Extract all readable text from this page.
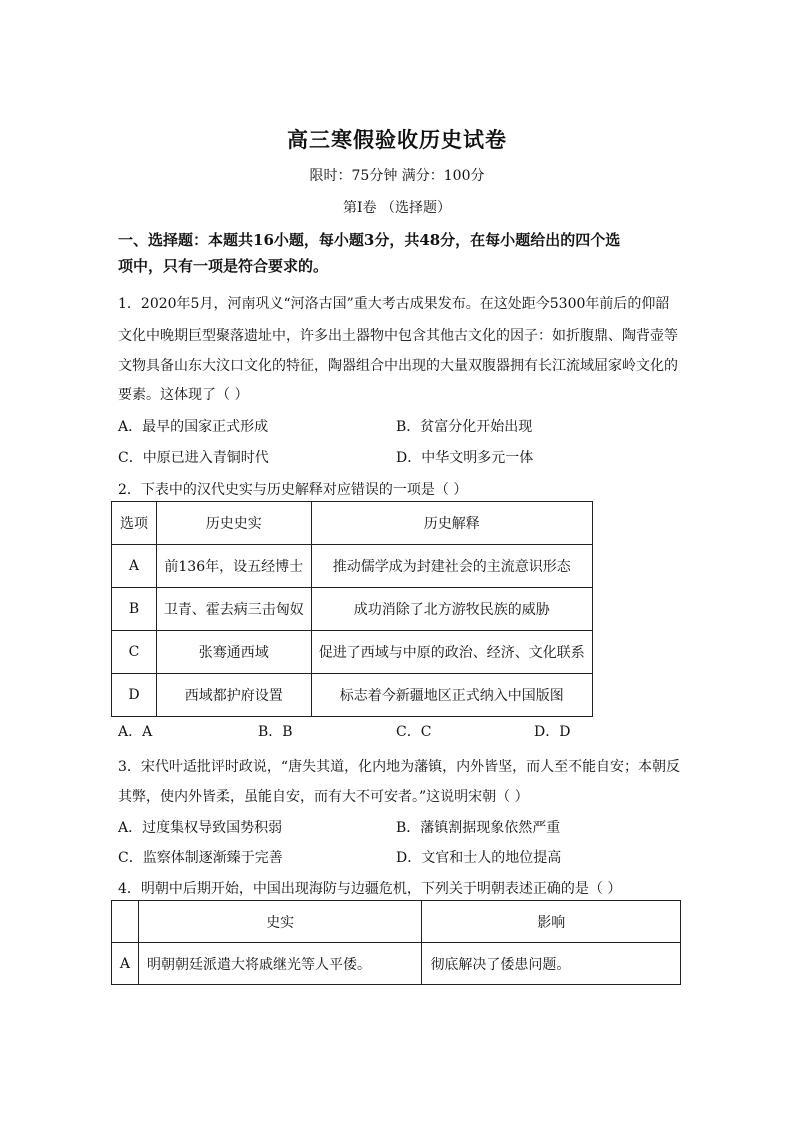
高三寒假验收历史试卷
限时：75分钟 满分：100分
第I卷 （选择题）
一、选择题：本题共16小题，每小题3分，共48分，在每小题给出的四个选
项中，只有一项是符合要求的。
1．2020年5月，河南巩义“河洛古国”重大考古成果发布。在这处距今5300年前后的仰韶
文化中晚期巨型聚落遗址中，许多出土器物中包含其他古文化的因子：如折腹鼎、陶背壶等
文物具备山东大汶口文化的特征，陶器组合中出现的大量双腹器拥有长江流域屈家岭文化的
要素。这体现了（ ）
A．最早的国家正式形成	B．贫富分化开始出现
C．中原已进入青铜时代	D．中华文明多元一体
2．下表中的汉代史实与历史解释对应错误的一项是（ ）
选项	历史史实	历史解释
A	前136年，设五经博士	推动儒学成为封建社会的主流意识形态
B	卫青、霍去病三击匈奴	成功消除了北方游牧民族的威胁
C	张骞通西域	促进了西域与中原的政治、经济、文化联系
D	西域都护府设置	标志着今新疆地区正式纳入中国版图
A．A	B．B	C．C	D．D
3．宋代叶适批评时政说，“唐失其道，化内地为藩镇，内外皆坚，而人至不能自安；本朝反
其弊，使内外皆柔，虽能自安，而有大不可安者。”这说明宋朝（ ）
A．过度集权导致国势积弱	B．藩镇割据现象依然严重
C．监察体制逐渐臻于完善	D．文官和士人的地位提高
4．明朝中后期开始，中国出现海防与边疆危机，下列关于明朝表述正确的是（ ）
	史实	影响
A	明朝朝廷派遣大将戚继光等人平倭。	彻底解决了倭患问题。
